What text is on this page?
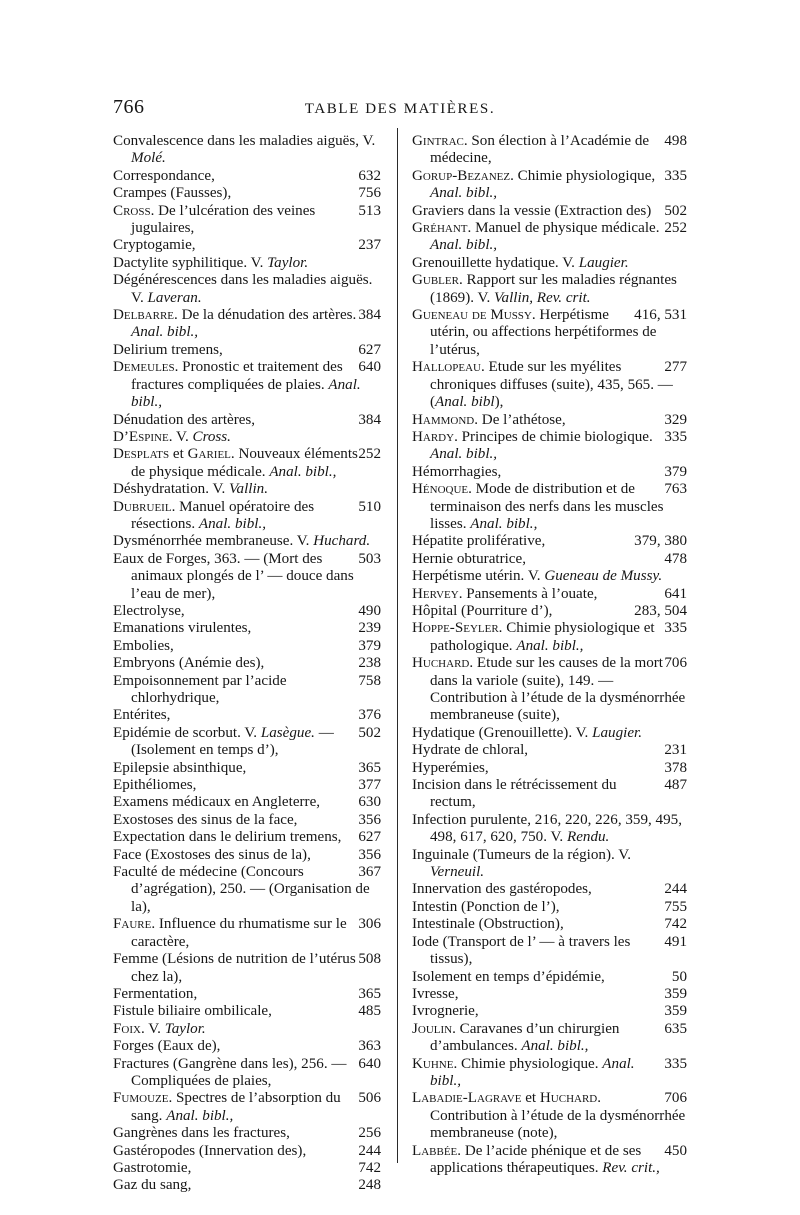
766	TABLE DES MATIÈRES.

Convalescence dans les maladies aiguës, V. Molé.

632
Correspondance,

756
Crampes (Fausses),

513
Cross. De l’ulcération des veines jugulaires,

237
Cryptogamie,

Dactylite syphilitique. V. Taylor.

Dégénérescences dans les maladies aiguës. V. Laveran.

384
Delbarre. De la dénudation des artères. Anal. bibl.,

627
Delirium tremens,

640
Demeules. Pronostic et traitement des fractures compliquées de plaies. Anal. bibl.,

384
Dénudation des artères,

D’Espine. V. Cross.

252
Desplats et Gariel. Nouveaux éléments de physique médicale. Anal. bibl.,

Déshydratation. V. Vallin.

510
Dubrueil. Manuel opératoire des résections. Anal. bibl.,

Dysménorrhée membraneuse. V. Huchard.

503
Eaux de Forges, 363. — (Mort des animaux plongés de l’ — douce dans l’eau de mer),

490
Electrolyse,

239
Emanations virulentes,

379
Embolies,

238
Embryons (Anémie des),

758
Empoisonnement par l’acide chlorhydrique,

376
Entérites,

502
Epidémie de scorbut. V. Lasègue. — (Isolement en temps d’),

365
Epilepsie absinthique,

377
Epithéliomes,

630
Examens médicaux en Angleterre,

356
Exostoses des sinus de la face,

627
Expectation dans le delirium tremens,

356
Face (Exostoses des sinus de la),

367
Faculté de médecine (Concours d’agrégation), 250. — (Organisation de la),

306
Faure. Influence du rhumatisme sur le caractère,

508
Femme (Lésions de nutrition de l’utérus chez la),

365
Fermentation,

485
Fistule biliaire ombilicale,

Foix. V. Taylor.

363
Forges (Eaux de),

640
Fractures (Gangrène dans les), 256. — Compliquées de plaies,

506
Fumouze. Spectres de l’absorption du sang. Anal. bibl.,

256
Gangrènes dans les fractures,

244
Gastéropodes (Innervation des),

742
Gastrotomie,

248
Gaz du sang,

498
Gintrac. Son élection à l’Académie de médecine,

335
Gorup-Bezanez. Chimie physiologique, Anal. bibl.,

502
Graviers dans la vessie (Extraction des)

252
Gréhant. Manuel de physique médicale. Anal. bibl.,

Grenouillette hydatique. V. Laugier.

Gubler. Rapport sur les maladies régnantes (1869). V. Vallin, Rev. crit.

416, 531
Gueneau de Mussy. Herpétisme utérin, ou affections herpétiformes de l’utérus,

277
Hallopeau. Etude sur les myélites chroniques diffuses (suite), 435, 565. — (Anal. bibl),

329
Hammond. De l’athétose,

335
Hardy. Principes de chimie biologique. Anal. bibl.,

379
Hémorrhagies,

763
Hénoque. Mode de distribution et de terminaison des nerfs dans les muscles lisses. Anal. bibl.,

379, 380
Hépatite proliférative,

478
Hernie obturatrice,

Herpétisme utérin. V. Gueneau de Mussy.

641
Hervey. Pansements à l’ouate,

283, 504
Hôpital (Pourriture d’),

335
Hoppe-Seyler. Chimie physiologique et pathologique. Anal. bibl.,

706
Huchard. Etude sur les causes de la mort dans la variole (suite), 149. — Contribution à l’étude de la dysménorrhée membraneuse (suite),

Hydatique (Grenouillette). V. Laugier.

231
Hydrate de chloral,

378
Hyperémies,

487
Incision dans le rétrécissement du rectum,

Infection purulente, 216, 220, 226, 359, 495, 498, 617, 620, 750. V. Rendu.

Inguinale (Tumeurs de la région). V. Verneuil.

244
Innervation des gastéropodes,

755
Intestin (Ponction de l’),

742
Intestinale (Obstruction),

491
Iode (Transport de l’ — à travers les tissus),

50
Isolement en temps d’épidémie,

359
Ivresse,

359
Ivrognerie,

635
Joulin. Caravanes d’un chirurgien d’ambulances. Anal. bibl.,

335
Kuhne. Chimie physiologique. Anal. bibl.,

706
Labadie-Lagrave et Huchard. Contribution à l’étude de la dysménorrhée membraneuse (note),

450
Labbée. De l’acide phénique et de ses applications thérapeutiques. Rev. crit.,
